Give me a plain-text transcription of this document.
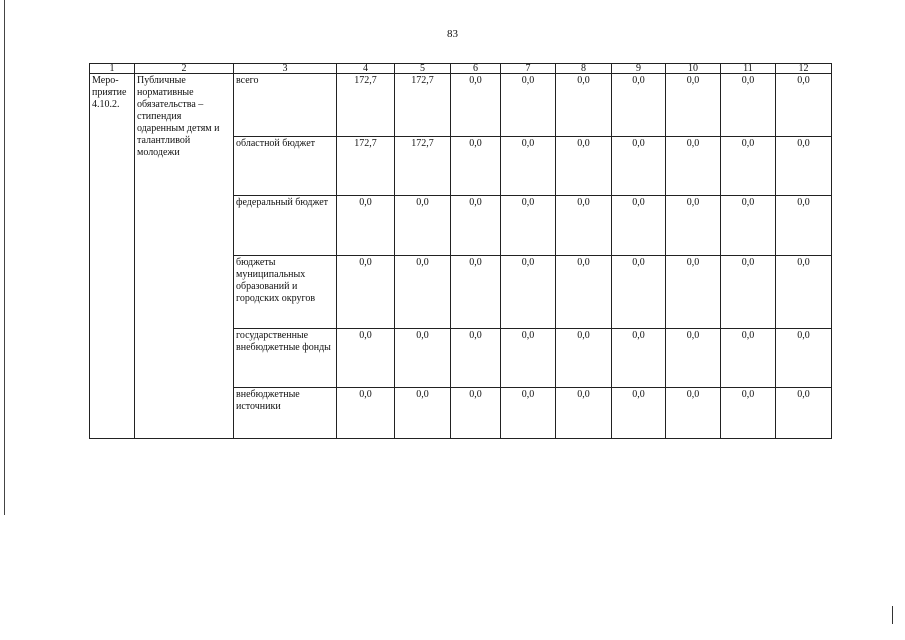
83
1	2	3	4	5	6	7	8	9	10	11	12
Меро-приятие 4.10.2.	Публичные нормативные обязательства – стипендия одаренным детям и талантливой молодежи	всего	172,7	172,7	0,0	0,0	0,0	0,0	0,0	0,0	0,0
		областной бюджет	172,7	172,7	0,0	0,0	0,0	0,0	0,0	0,0	0,0
		федеральный бюджет	0,0	0,0	0,0	0,0	0,0	0,0	0,0	0,0	0,0
		бюджеты муниципальных образований и городских округов	0,0	0,0	0,0	0,0	0,0	0,0	0,0	0,0	0,0
		государственные внебюджетные фонды	0,0	0,0	0,0	0,0	0,0	0,0	0,0	0,0	0,0
		внебюджетные источники	0,0	0,0	0,0	0,0	0,0	0,0	0,0	0,0	0,0
